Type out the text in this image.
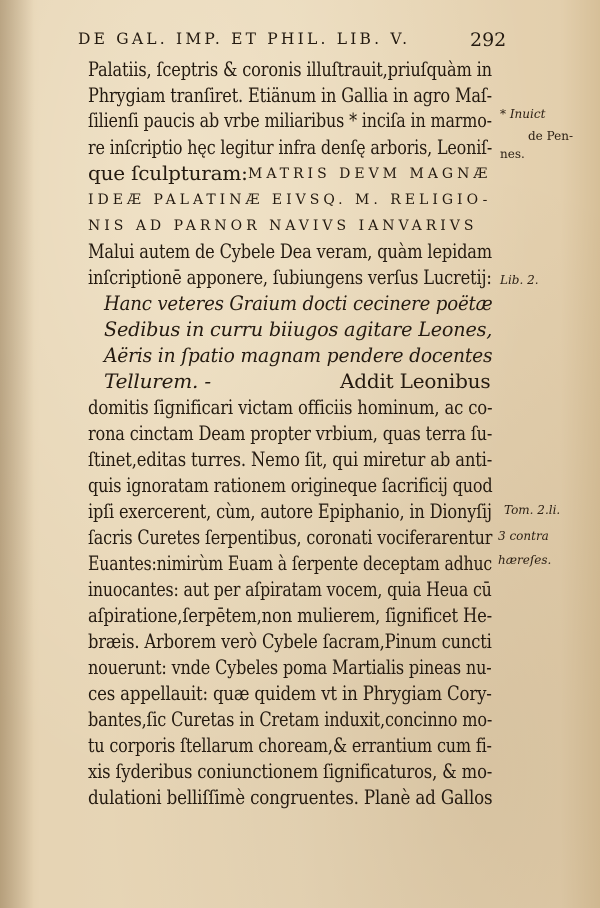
DE GAL. IMP. ET PHIL. LIB. V.	292
Palatiis, ſceptris & coronis illuſtrauit,priuſquàm in
Phrygiam tranſiret. Etiänum in Gallia in agro Maſ-
ſilienſi paucis ab vrbe miliaribus * inciſa in marmo-
re inſcriptio hęc legitur infra denſę arboris, Leoniſ-
que ſculpturam: MATRIS DEVM MAGNÆ
IDEÆ PALATINÆ EIVSQ. M. RELIGIO-
NIS AD PARNOR NAVIVS IANVARIVS
Malui autem de Cybele Dea veram, quàm lepidam
inſcriptionē apponere, ſubiungens verſus Lucretij:
Hanc veteres Graium docti cecinere poëtæ
Sedibus in curru biiugos agitare Leones,
Aëris in ſpatio magnam pendere docentes
Tellurem. -	Addit Leonibus
domitis ſignificari victam officiis hominum, ac co-
rona cinctam Deam propter vrbium, quas terra ſu-
ſtinet,editas turres. Nemo ſit, qui miretur ab anti-
quis ignoratam rationem origineque ſacrificij quod
ipſi exercerent, cùm, autore Epiphanio, in Dionyſij
ſacris Curetes ſerpentibus, coronati vociferarentur
Euantes:nimirùm Euam à ſerpente deceptam adhuc
inuocantes: aut per aſpiratam vocem, quia Heua cū
aſpiratione,ſerpētem,non mulierem, ſignificet He-
bræis. Arborem verò Cybele ſacram,Pinum cuncti
nouerunt: vnde Cybeles poma Martialis pineas nu-
ces appellauit: quæ quidem vt in Phrygiam Cory-
bantes,ſic Curetas in Cretam induxit,concinno mo-
tu corporis ſtellarum choream,& errantium cum fi-
xis ſyderibus coniunctionem ſignificaturos, & mo-
dulationi belliſſimè congruentes. Planè ad Gallos
* Inuict
de Pen-
nes.
Lib. 2.
Tom. 2.li.
3 contra
hæreſes.
